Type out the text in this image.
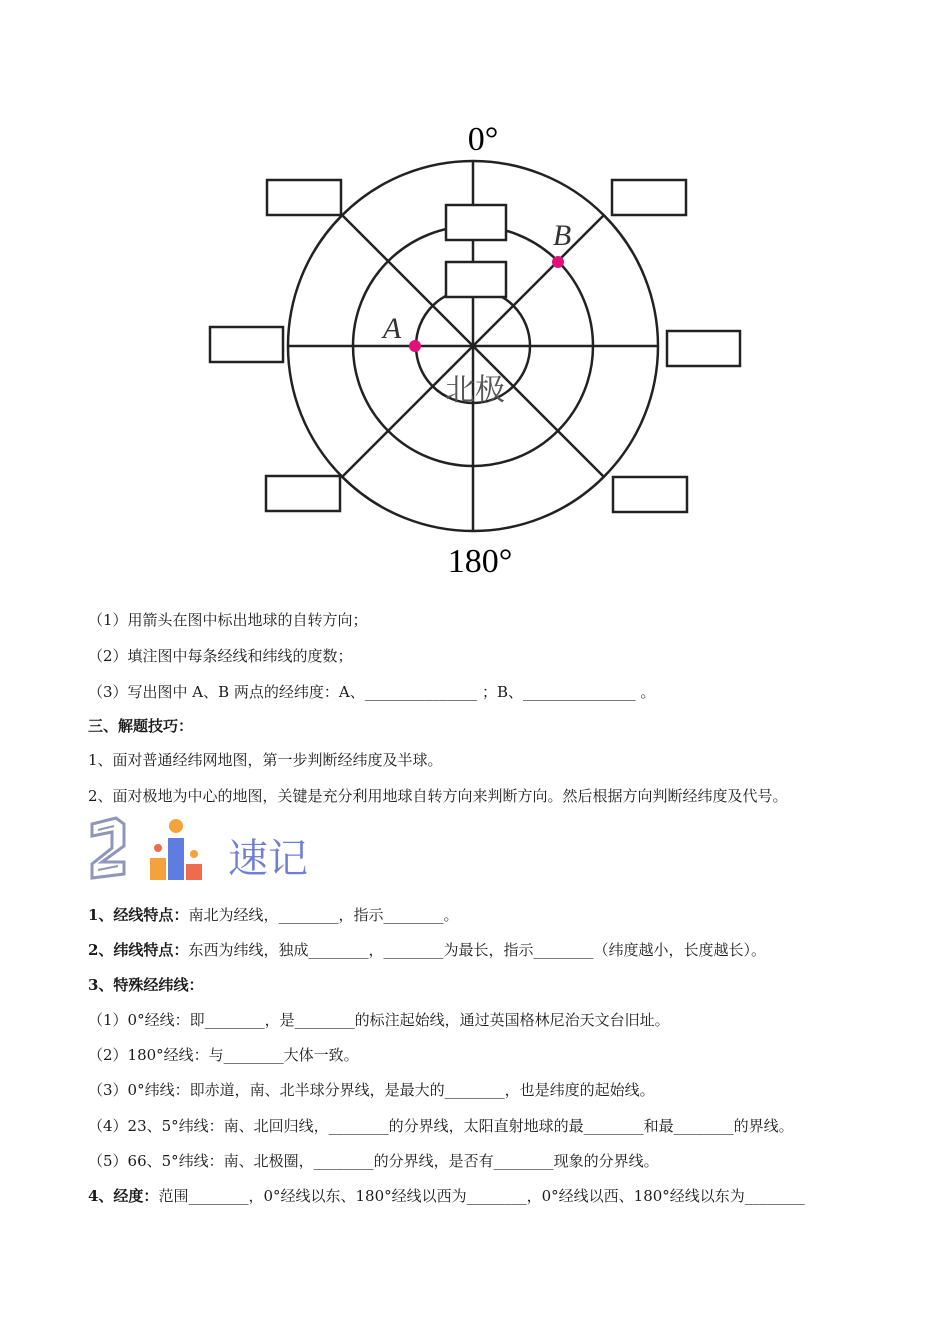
0°
180°
北极
A
B
（1）用箭头在图中标出地球的自转方向；
（2）填注图中每条经线和纬线的度数；
（3）写出图中 A、B 两点的经纬度：A、_______________ ；B、_______________ 。
三、解题技巧：
1、面对普通经纬网地图，第一步判断经纬度及半球。
2、面对极地为中心的地图，关键是充分利用地球自转方向来判断方向。然后根据方向判断经纬度及代号。
速记
1、经线特点：南北为经线，________，指示________。
2、纬线特点：东西为纬线，独成________，________为最长，指示________（纬度越小，长度越长）。
3、特殊经纬线：
（1）0°经线：即________，是________的标注起始线，通过英国格林尼治天文台旧址。
（2）180°经线：与________大体一致。
（3）0°纬线：即赤道，南、北半球分界线，是最大的________，也是纬度的起始线。
（4）23、5°纬线：南、北回归线，________的分界线，太阳直射地球的最________和最________的界线。
（5）66、5°纬线：南、北极圈，________的分界线，是否有________现象的分界线。
4、经度：范围________，0°经线以东、180°经线以西为________，0°经线以西、180°经线以东为________
